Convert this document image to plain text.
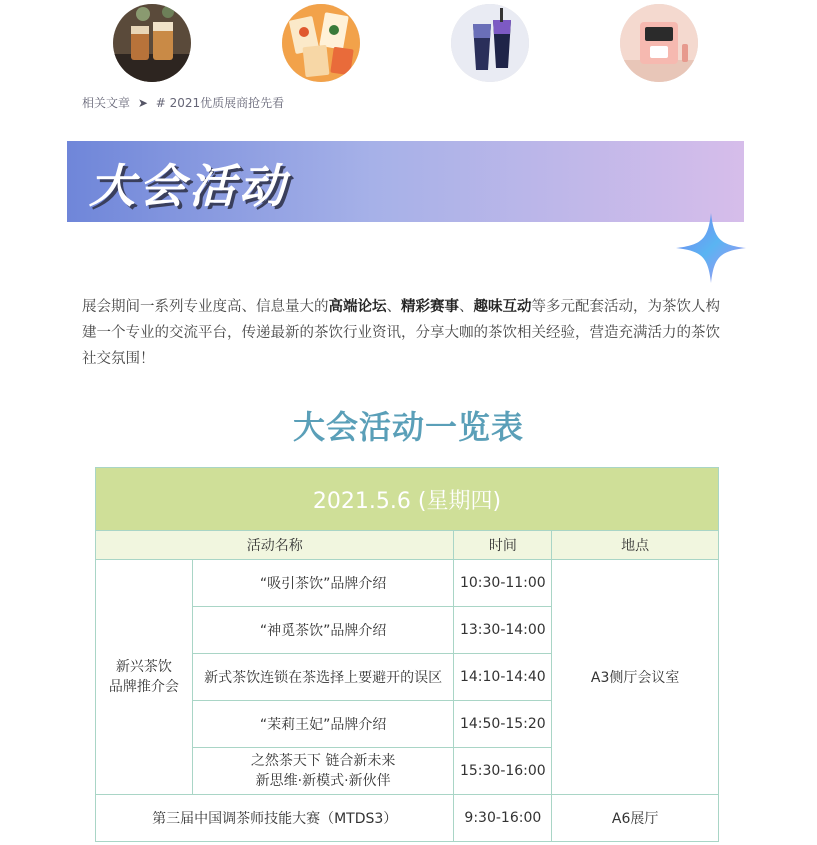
相关文章 ➤ # 2021优质展商抢先看
大会活动
展会期间一系列专业度高、信息量大的高端论坛、精彩赛事、趣味互动等多元配套活动，为茶饮人构建一个专业的交流平台，传递最新的茶饮行业资讯，分享大咖的茶饮相关经验，营造充满活力的茶饮社交氛围！
大会活动一览表
2021.5.6 (星期四)			
活动名称		时间	地点
新兴茶饮
品牌推介会	“吸引茶饮”品牌介绍	10:30-11:00	A3侧厅会议室
	“神觅茶饮”品牌介绍	13:30-14:00	
	新式茶饮连锁在茶选择上要避开的误区	14:10-14:40	
	“茉莉王妃”品牌介绍	14:50-15:20	
	之然茶天下 链合新未来
新思维·新模式·新伙伴	15:30-16:00	
第三届中国调茶师技能大赛（MTDS3）		9:30-16:00	A6展厅
